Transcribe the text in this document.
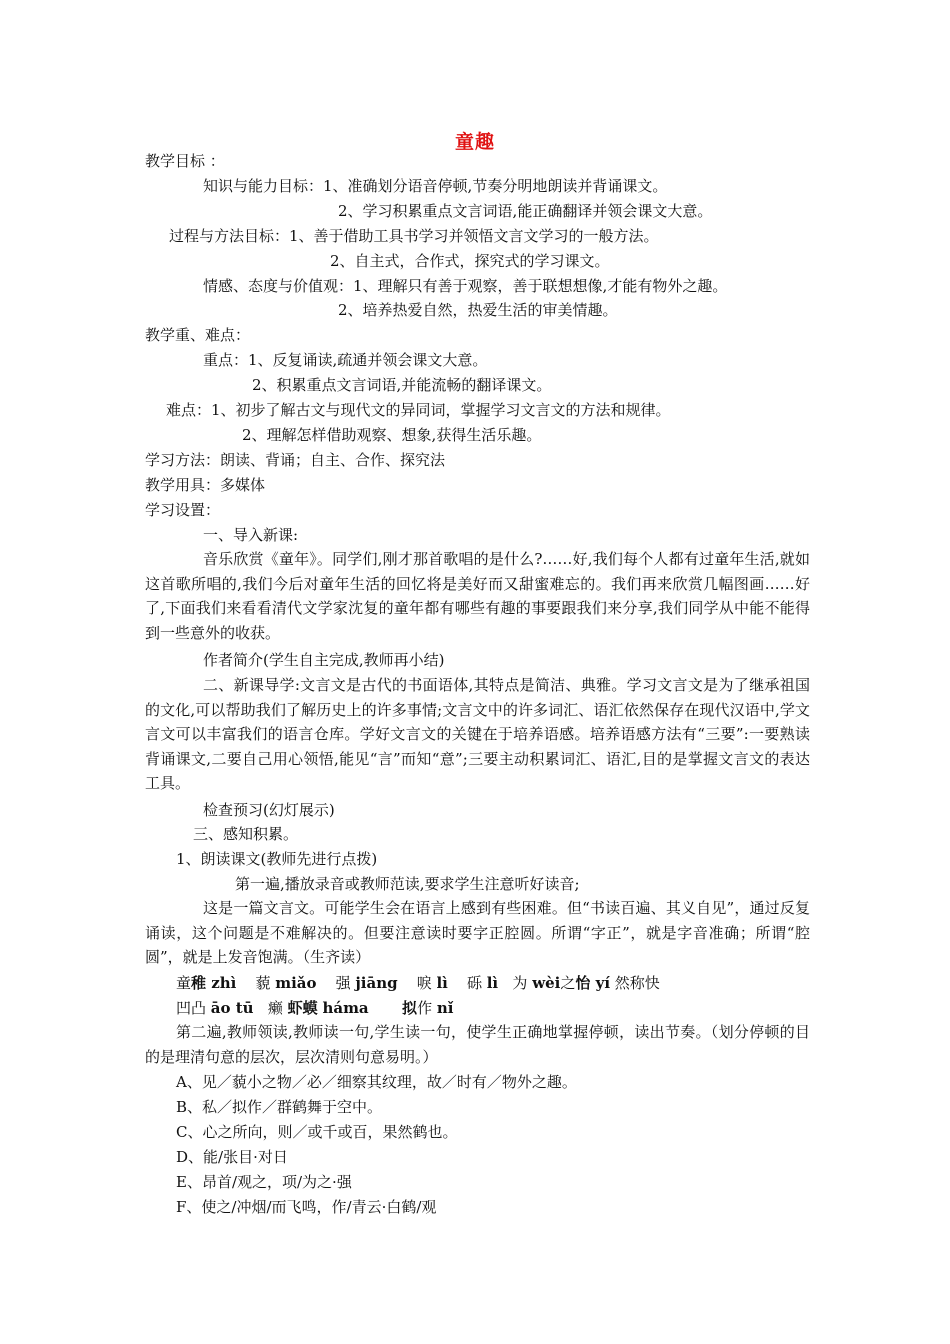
童趣
教学目标 ：
知识与能力目标：1、准确划分语音停顿,节奏分明地朗读并背诵课文。
2、学习积累重点文言词语,能正确翻译并领会课文大意。
过程与方法目标：1、善于借助工具书学习并领悟文言文学习的一般方法。
2、自主式，合作式，探究式的学习课文。
情感、态度与价值观：1、理解只有善于观察，善于联想想像,才能有物外之趣。
2、培养热爱自然，热爱生活的审美情趣。
教学重、难点：
重点：1、反复诵读,疏通并领会课文大意。
2、积累重点文言词语,并能流畅的翻译课文。
难点：1、初步了解古文与现代文的异同词，掌握学习文言文的方法和规律。
2、理解怎样借助观察、想象,获得生活乐趣。
学习方法：朗读、背诵；自主、合作、探究法
教学用具：多媒体
学习设置：
一、导入新课:
音乐欣赏《童年》。同学们,刚才那首歌唱的是什么?……好,我们每个人都有过童年生活,就如这首歌所唱的,我们今后对童年生活的回忆将是美好而又甜蜜难忘的。我们再来欣赏几幅图画……好了,下面我们来看看清代文学家沈复的童年都有哪些有趣的事要跟我们来分享,我们同学从中能不能得到一些意外的收获。
作者简介(学生自主完成,教师再小结)
二、新课导学:文言文是古代的书面语体,其特点是简洁、典雅。学习文言文是为了继承祖国的文化,可以帮助我们了解历史上的许多事情;文言文中的许多词汇、语汇依然保存在现代汉语中,学文言文可以丰富我们的语言仓库。学好文言文的关键在于培养语感。培养语感方法有“三要”:一要熟读背诵课文,二要自己用心领悟,能见“言”而知“意”;三要主动积累词汇、语汇,目的是掌握文言文的表达工具。
检查预习(幻灯展示)
三、感知积累。
1、朗读课文(教师先进行点拨)
第一遍,播放录音或教师范读,要求学生注意听好读音;
这是一篇文言文。可能学生会在语言上感到有些困难。但“书读百遍、其义自见”，通过反复诵读，这个问题是不难解决的。但要注意读时要字正腔圆。所谓“字正”，就是字音准确；所谓“腔圆”，就是上发音饱满。（生齐读）
童稚 zhì    藐 miǎo    强 jiāng    唳 lì    砾 lì   为 wèi之怡 yí 然称快
凹凸 āo tū   癞 虾蟆 háma 拟作 nǐ
第二遍,教师领读,教师读一句,学生读一句，使学生正确地掌握停顿，读出节奏。（划分停顿的目的是理清句意的层次，层次清则句意易明。）
A、见／藐小之物／必／细察其纹理，故／时有／物外之趣。
B、私／拟作／群鹤舞于空中。
C、心之所向，则／或千或百，果然鹤也。
D、能/张目·对日
E、昂首/观之，项/为之·强
F、使之/冲烟/而飞鸣，作/青云·白鹤/观
